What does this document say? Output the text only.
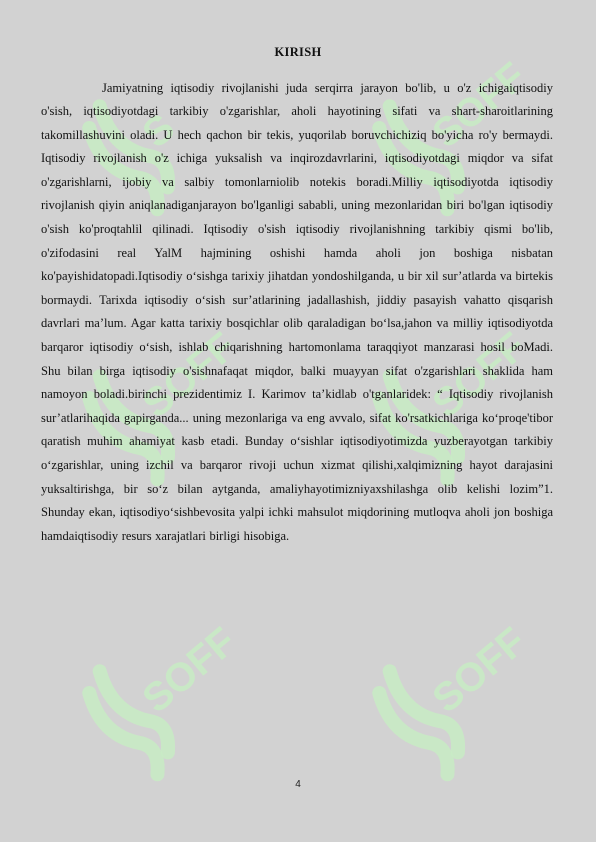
S	SOFF
SOFF	SOFF
SOFF	SOFF
KIRISH

Jamiyatning iqtisodiy rivojlanishi juda serqirra jarayon bo'lib, u o'z ichigaiqtisodiy o'sish, iqtisodiyotdagi tarkibiy o'zgarishlar, aholi hayotining sifati va shart-sharoitlarining takomillashuvini oladi. U hech qachon bir tekis, yuqorilab boruvchichiziq bo'yicha ro'y bermaydi. Iqtisodiy rivojlanish o'z ichiga yuksalish va inqirozdavrlarini, iqtisodiyotdagi miqdor va sifat o'zgarishlarni, ijobiy va salbiy tomonlarniolib notekis boradi.Milliy iqtisodiyotda iqtisodiy rivojlanish qiyin aniqlanadiganjarayon bo'lganligi sababli, uning mezonlaridan biri bo'lgan iqtisodiy o'sish ko'proqtahlil qilinadi. Iqtisodiy o'sish iqtisodiy rivojlanishning tarkibiy qismi bo'lib, o'zifodasini real YalM hajmining oshishi hamda aholi jon boshiga nisbatan ko'payishidatopadi.Iqtisodiy o‘sishga tarixiy jihatdan yondoshilganda, u bir xil sur’atlarda va birtekis bormaydi. Tarixda iqtisodiy o‘sish sur’atlarining jadallashish, jiddiy pasayish vahatto qisqarish davrlari ma’lum. Agar katta tarixiy bosqichlar olib qaraladigan bo‘lsa,jahon va milliy iqtisodiyotda barqaror iqtisodiy o‘sish, ishlab chiqarishning hartomonlama taraqqiyot manzarasi hosil boMadi. Shu bilan birga iqtisodiy o'sishnafaqat miqdor, balki muayyan sifat o'zgarishlari shaklida ham namoyon boladi.birinchi prezidentimiz I. Karimov ta’kidlab o'tganlaridek: “ Iqtisodiy rivojlanish sur’atlarihaqida gapirganda... uning mezonlariga va eng avvalo, sifat ko'rsatkichlariga ko‘proqe'tibor qaratish muhim ahamiyat kasb etadi. Bunday o‘sishlar iqtisodiyotimizda yuzberayotgan tarkibiy o‘zgarishlar, uning izchil va barqaror rivoji uchun xizmat qilishi,xalqimizning hayot darajasini yuksaltirishga, bir so‘z bilan aytganda, amaliyhayotimizniyaxshilashga olib kelishi lozim”1. Shunday ekan, iqtisodiyo‘sishbevosita yalpi ichki mahsulot miqdorining mutloqva aholi jon boshiga hamdaiqtisodiy resurs xarajatlari birligi hisobiga.

4
